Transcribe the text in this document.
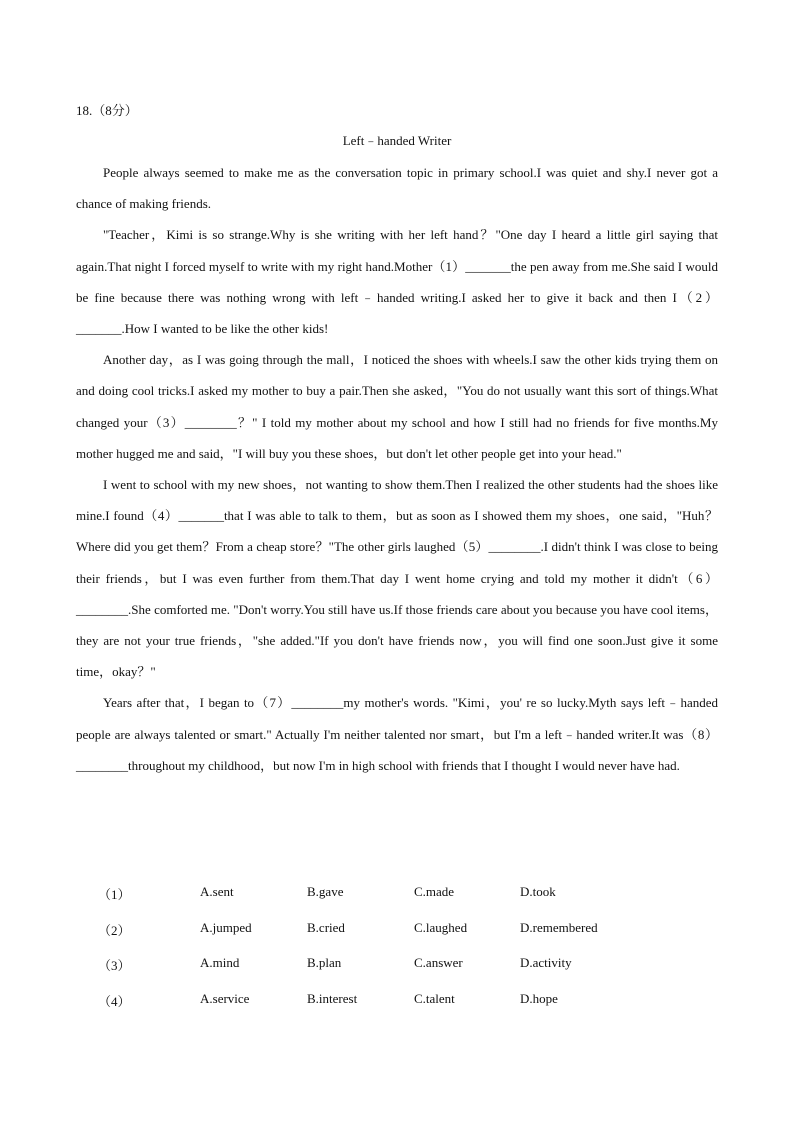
18.（8分）
Left﹣handed Writer

People always seemed to make me as the conversation topic in primary school.I was quiet and shy.I never got a chance of making friends.

"Teacher，Kimi is so strange.Why is she writing with her left hand？"One day I heard a little girl saying that again.That night I forced myself to write with my right hand.Mother（1）_______the pen away from me.She said I would be fine because there was nothing wrong with left﹣handed writing.I asked her to give it back and then I（2）_______.How I wanted to be like the other kids!

Another day，as I was going through the mall，I noticed the shoes with wheels.I saw the other kids trying them on and doing cool tricks.I asked my mother to buy a pair.Then she asked，"You do not usually want this sort of things.What changed your（3）________？" I told my mother about my school and how I still had no friends for five months.My mother hugged me and said，"I will buy you these shoes，but don't let other people get into your head."

I went to school with my new shoes，not wanting to show them.Then I realized the other students had the shoes like mine.I found（4）_______that I was able to talk to them，but as soon as I showed them my shoes，one said，"Huh？Where did you get them？From a cheap store？"The other girls laughed（5）________.I didn't think I was close to being their friends，but I was even further from them.That day I went home crying and told my mother it didn't（6）________.She comforted me. "Don't worry.You still have us.If those friends care about you because you have cool items，they are not your true friends，"she added."If you don't have friends now，you will find one soon.Just give it some time，okay？"

Years after that，I began to（7）________my mother's words. "Kimi，you' re so lucky.Myth says left﹣handed people are always talented or smart." Actually I'm neither talented nor smart，but I'm a left﹣handed writer.It was（8）________throughout my childhood，but now I'm in high school with friends that I thought I would never have had.

（1）	A.sent	B.gave	C.made	D.took
（2）	A.jumped	B.cried	C.laughed	D.remembered
（3）	A.mind	B.plan	C.answer	D.activity
（4）	A.service	B.interest	C.talent	D.hope
